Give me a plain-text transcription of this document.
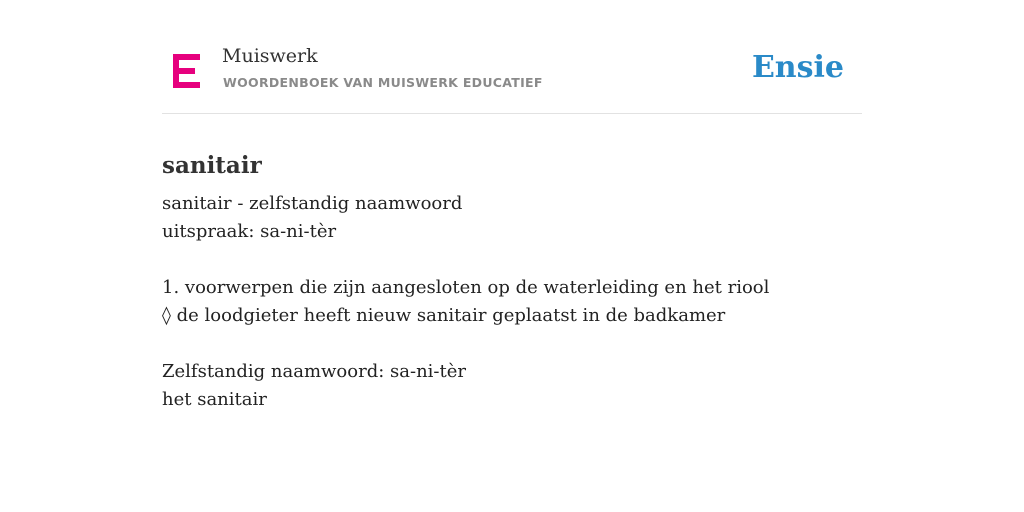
Muiswerk
WOORDENBOEK VAN MUISWERK EDUCATIEF	Ensie
sanitair
sanitair - zelfstandig naamwoord
uitspraak: sa-ni-tèr
1. voorwerpen die zijn aangesloten op de waterleiding en het riool
◊ de loodgieter heeft nieuw sanitair geplaatst in de badkamer
Zelfstandig naamwoord: sa-ni-tèr
het sanitair
